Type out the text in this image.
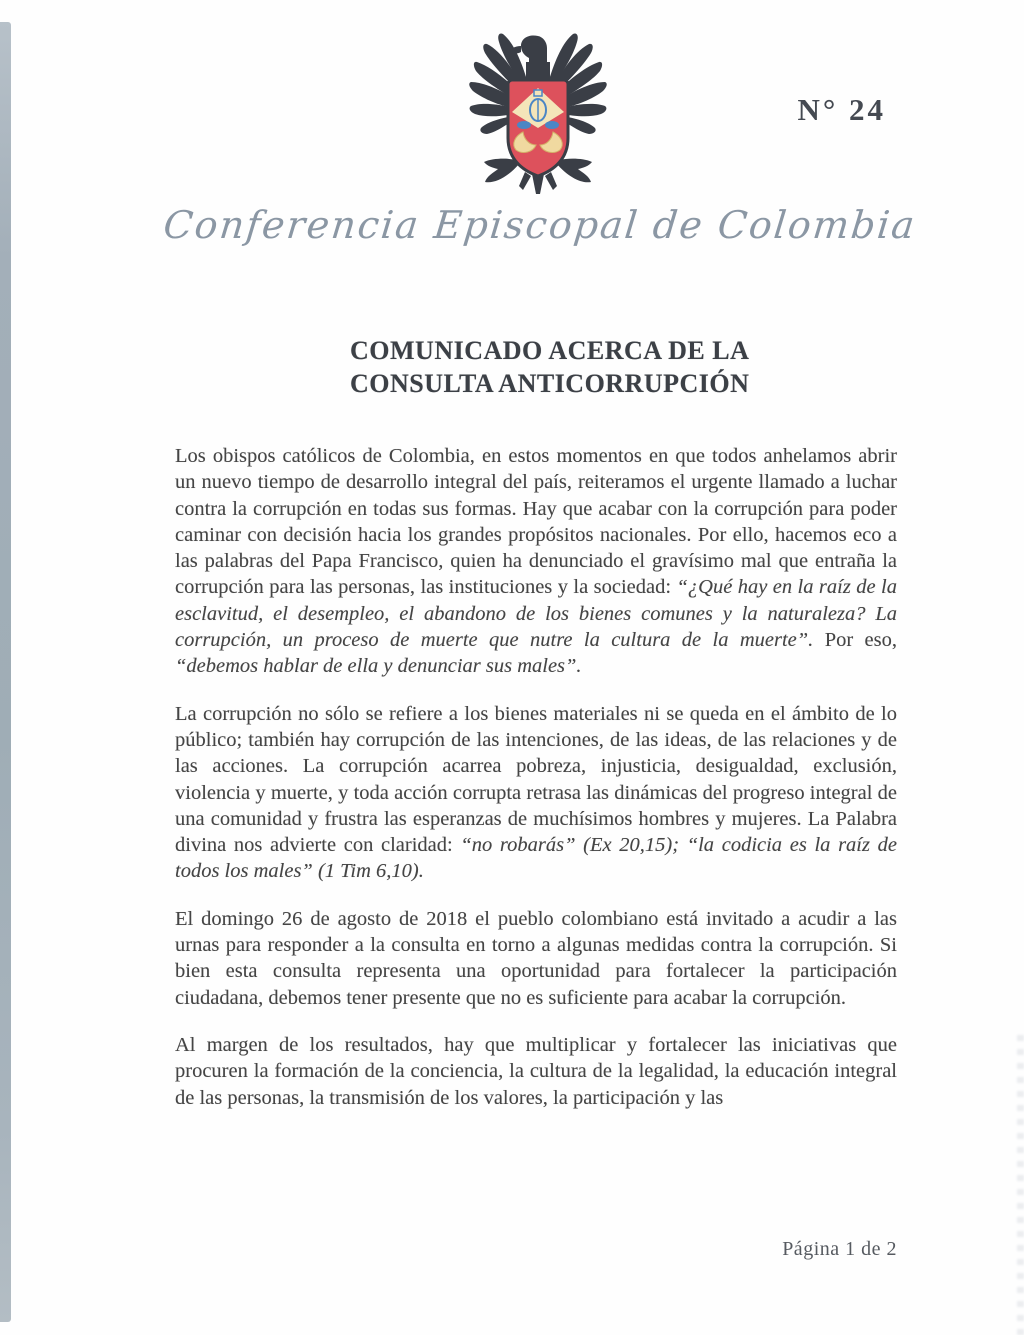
N° 24
Conferencia Episcopal de Colombia
COMUNICADO ACERCA DE LA
CONSULTA ANTICORRUPCIÓN

Los obispos católicos de Colombia, en estos momentos en que todos anhelamos abrir un nuevo tiempo de desarrollo integral del país, reiteramos el urgente llamado a luchar contra la corrupción en todas sus formas. Hay que acabar con la corrupción para poder caminar con decisión hacia los grandes propósitos nacionales. Por ello, hacemos eco a las palabras del Papa Francisco, quien ha denunciado el gravísimo mal que entraña la corrupción para las personas, las instituciones y la sociedad: “¿Qué hay en la raíz de la esclavitud, el desempleo, el abandono de los bienes comunes y la naturaleza? La corrupción, un proceso de muerte que nutre la cultura de la muerte”. Por eso, “debemos hablar de ella y denunciar sus males”.

La corrupción no sólo se refiere a los bienes materiales ni se queda en el ámbito de lo público; también hay corrupción de las intenciones, de las ideas, de las relaciones y de las acciones. La corrupción acarrea pobreza, injusticia, desigualdad, exclusión, violencia y muerte, y toda acción corrupta retrasa las dinámicas del progreso integral de una comunidad y frustra las esperanzas de muchísimos hombres y mujeres. La Palabra divina nos advierte con claridad: “no robarás” (Ex 20,15); “la codicia es la raíz de todos los males” (1 Tim 6,10).

El domingo 26 de agosto de 2018 el pueblo colombiano está invitado a acudir a las urnas para responder a la consulta en torno a algunas medidas contra la corrupción. Si bien esta consulta representa una oportunidad para fortalecer la participación ciudadana, debemos tener presente que no es suficiente para acabar la corrupción.

Al margen de los resultados, hay que multiplicar y fortalecer las iniciativas que procuren la formación de la conciencia, la cultura de la legalidad, la educación integral de las personas, la transmisión de los valores, la participación y las

Página 1 de 2
